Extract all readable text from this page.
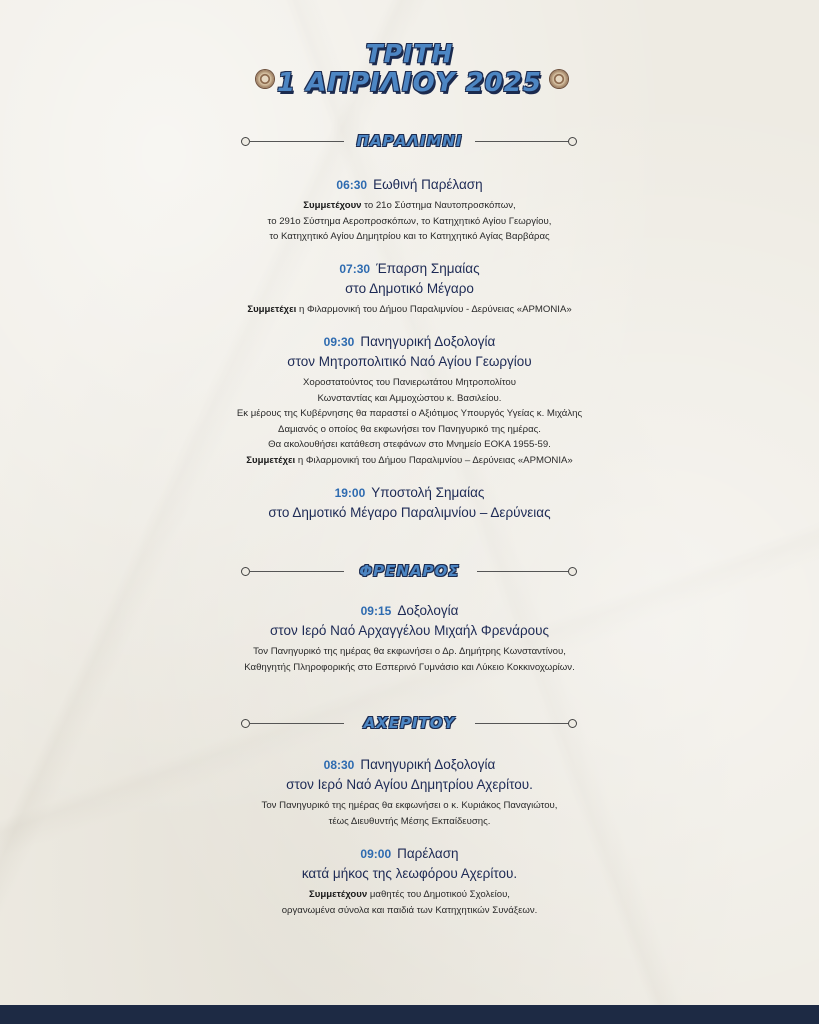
ΤΡΙΤΗ
1 ΑΠΡΙΛΙΟΥ 2025
ΠΑΡΑΛΙΜΝΙ
06:30 Εωθινή Παρέλαση
Συμμετέχουν το 21ο Σύστημα Ναυτοπροσκόπων,
το 291ο Σύστημα Αεροπροσκόπων, το Κατηχητικό Αγίου Γεωργίου,
το Κατηχητικό Αγίου Δημητρίου και το Κατηχητικό Αγίας Βαρβάρας
07:30 Έπαρση Σημαίας
στο Δημοτικό Μέγαρο
Συμμετέχει η Φιλαρμονική του Δήμου Παραλιμνίου - Δερύνειας «ΑΡΜΟΝΙΑ»
09:30 Πανηγυρική Δοξολογία
στον Μητροπολιτικό Ναό Αγίου Γεωργίου
Χοροστατούντος του Πανιερωτάτου Μητροπολίτου
Κωνσταντίας και Αμμοχώστου κ. Βασιλείου.
Εκ μέρους της Κυβέρνησης θα παραστεί ο Αξιότιμος Υπουργός Υγείας κ. Μιχάλης
Δαμιανός ο οποίος θα εκφωνήσει τον Πανηγυρικό της ημέρας.
Θα ακολουθήσει κατάθεση στεφάνων στο Μνημείο ΕΟΚΑ 1955-59.
Συμμετέχει η Φιλαρμονική του Δήμου Παραλιμνίου – Δερύνειας «ΑΡΜΟΝΙΑ»
19:00 Υποστολή Σημαίας
στο Δημοτικό Μέγαρο Παραλιμνίου – Δερύνειας
ΦΡΕΝΑΡΟΣ
09:15 Δοξολογία
στον Ιερό Ναό Αρχαγγέλου Μιχαήλ Φρενάρους
Τον Πανηγυρικό της ημέρας θα εκφωνήσει ο Δρ. Δημήτρης Κωνσταντίνου,
Καθηγητής Πληροφορικής στο Εσπερινό Γυμνάσιο και Λύκειο Κοκκινοχωρίων.
ΑΧΕΡΙΤΟΥ
08:30 Πανηγυρική Δοξολογία
στον Ιερό Ναό Αγίου Δημητρίου Αχερίτου.
Τον Πανηγυρικό της ημέρας θα εκφωνήσει ο κ. Κυριάκος Παναγιώτου,
τέως Διευθυντής Μέσης Εκπαίδευσης.
09:00 Παρέλαση
κατά μήκος της λεωφόρου Αχερίτου.
Συμμετέχουν μαθητές του Δημοτικού Σχολείου,
οργανωμένα σύνολα και παιδιά των Κατηχητικών Συνάξεων.
